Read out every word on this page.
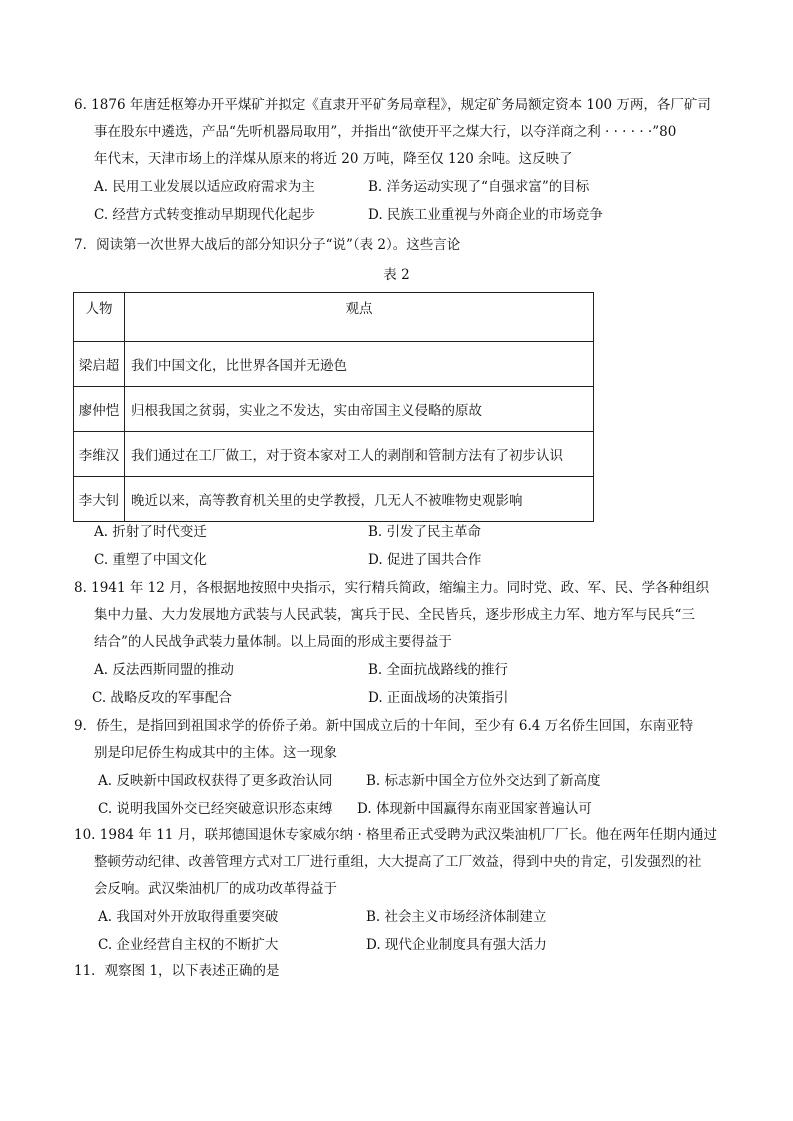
6. 1876 年唐廷枢筹办开平煤矿并拟定《直隶开平矿务局章程》，规定矿务局额定资本 100 万两，各厂矿司
事在股东中遴选，产品“先听机器局取用”，并指出“欲使开平之煤大行，以夺洋商之利 · · · · · ·”80
年代末，天津市场上的洋煤从原来的将近 20 万吨，降至仅 120 余吨。这反映了
A. 民用工业发展以适应政府需求为主	B. 洋务运动实现了“自强求富”的目标
C. 经营方式转变推动早期现代化起步	D. 民族工业重视与外商企业的市场竞争
7．阅读第一次世界大战后的部分知识分子“说”（表 2）。这些言论
表 2
人物	观点
梁启超	我们中国文化，比世界各国并无逊色
廖仲恺	归根我国之贫弱，实业之不发达，实由帝国主义侵略的原故
李维汉	我们通过在工厂做工，对于资本家对工人的剥削和管制方法有了初步认识
李大钊	晚近以来，高等教育机关里的史学教授，几无人不被唯物史观影响
A. 折射了时代变迁	B. 引发了民主革命
C. 重塑了中国文化	D. 促进了国共合作
8. 1941 年 12 月，各根据地按照中央指示，实行精兵简政，缩编主力。同时党、政、军、民、学各种组织
集中力量、大力发展地方武装与人民武装，寓兵于民、全民皆兵，逐步形成主力军、地方军与民兵“三
结合”的人民战争武装力量体制。以上局面的形成主要得益于
A. 反法西斯同盟的推动	B. 全面抗战路线的推行
C. 战略反攻的军事配合	D. 正面战场的决策指引
9．侨生，是指回到祖国求学的侨侨子弟。新中国成立后的十年间，至少有 6.4 万名侨生回国，东南亚特
别是印尼侨生构成其中的主体。这一现象
A. 反映新中国政权获得了更多政治认同 B. 标志新中国全方位外交达到了新高度
C. 说明我国外交已经突破意识形态束缚 D. 体现新中国赢得东南亚国家普遍认可
10. 1984 年 11 月，联邦德国退休专家威尔纳 · 格里希正式受聘为武汉柴油机厂厂长。他在两年任期内通过
整顿劳动纪律、改善管理方式对工厂进行重组，大大提高了工厂效益，得到中央的肯定，引发强烈的社
会反响。武汉柴油机厂的成功改革得益于
A. 我国对外开放取得重要突破	B. 社会主义市场经济体制建立
C. 企业经营自主权的不断扩大	D. 现代企业制度具有强大活力
11．观察图 1，以下表述正确的是
